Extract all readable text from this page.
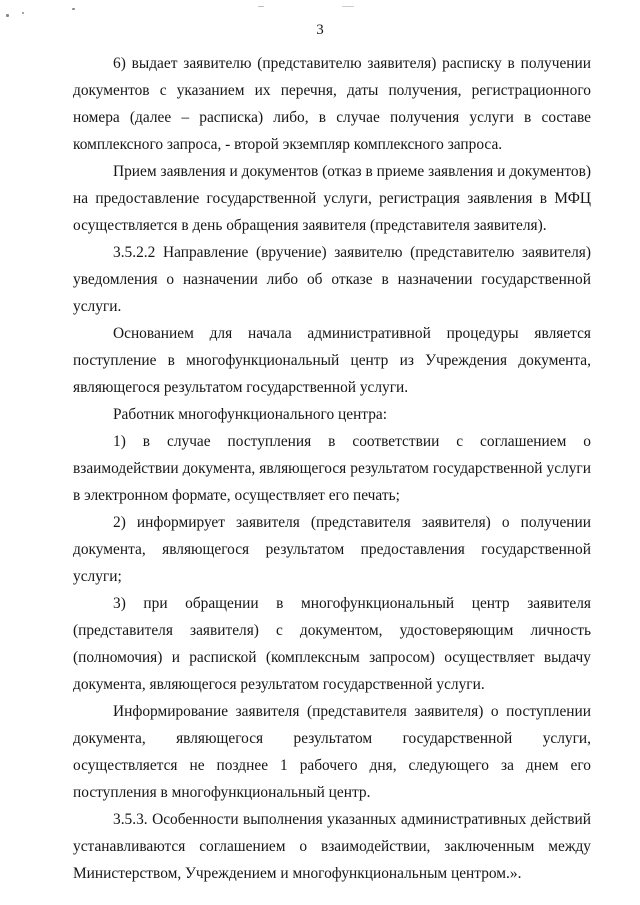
3

6) выдает заявителю (представителю заявителя) расписку в получении документов с указанием их перечня, даты получения, регистрационного номера (далее – расписка) либо, в случае получения услуги в составе комплексного запроса, - второй экземпляр комплексного запроса.

Прием заявления и документов (отказ в приеме заявления и документов) на предоставление государственной услуги, регистрация заявления в МФЦ осуществляется в день обращения заявителя (представителя заявителя).

3.5.2.2 Направление (вручение) заявителю (представителю заявителя) уведомления о назначении либо об отказе в назначении государственной услуги.

Основанием для начала административной процедуры является поступление в многофункциональный центр из Учреждения документа, являющегося результатом государственной услуги.

Работник многофункционального центра:

1) в случае поступления в соответствии с соглашением о взаимодействии документа, являющегося результатом государственной услуги в электронном формате, осуществляет его печать;

2) информирует заявителя (представителя заявителя) о получении документа, являющегося результатом предоставления государственной услуги;

3) при обращении в многофункциональный центр заявителя (представителя заявителя) с документом, удостоверяющим личность (полномочия) и распиской (комплексным запросом) осуществляет выдачу документа, являющегося результатом государственной услуги.

Информирование заявителя (представителя заявителя) о поступлении документа, являющегося результатом государственной услуги, осуществляется не позднее 1 рабочего дня, следующего за днем его поступления в многофункциональный центр.

3.5.3. Особенности выполнения указанных административных действий устанавливаются соглашением о взаимодействии, заключенным между Министерством, Учреждением и многофункциональным центром.».
